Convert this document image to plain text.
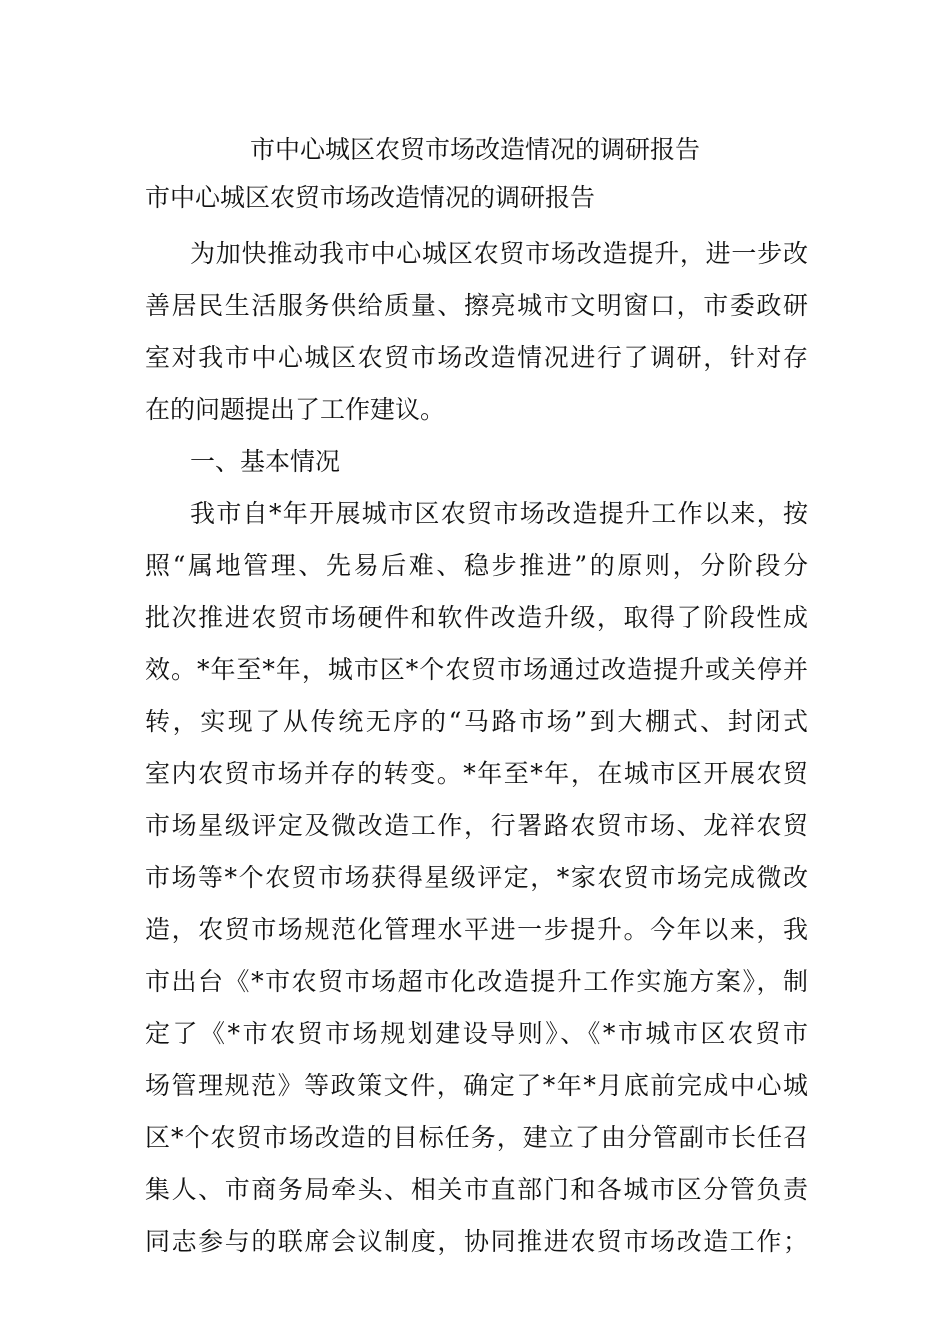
市中心城区农贸市场改造情况的调研报告
市中心城区农贸市场改造情况的调研报告
为加快推动我市中心城区农贸市场改造提升，进一步改
善居民生活服务供给质量、擦亮城市文明窗口，市委政研
室对我市中心城区农贸市场改造情况进行了调研，针对存
在的问题提出了工作建议。
一、基本情况
我市自*年开展城市区农贸市场改造提升工作以来，按
照“属地管理、先易后难、稳步推进”的原则，分阶段分
批次推进农贸市场硬件和软件改造升级，取得了阶段性成
效。*年至*年，城市区*个农贸市场通过改造提升或关停并
转，实现了从传统无序的“马路市场”到大棚式、封闭式
室内农贸市场并存的转变。*年至*年，在城市区开展农贸
市场星级评定及微改造工作，行署路农贸市场、龙祥农贸
市场等*个农贸市场获得星级评定，*家农贸市场完成微改
造，农贸市场规范化管理水平进一步提升。今年以来，我
市出台《*市农贸市场超市化改造提升工作实施方案》，制
定了《*市农贸市场规划建设导则》、《*市城市区农贸市
场管理规范》等政策文件，确定了*年*月底前完成中心城
区*个农贸市场改造的目标任务，建立了由分管副市长任召
集人、市商务局牵头、相关市直部门和各城市区分管负责
同志参与的联席会议制度，协同推进农贸市场改造工作；
